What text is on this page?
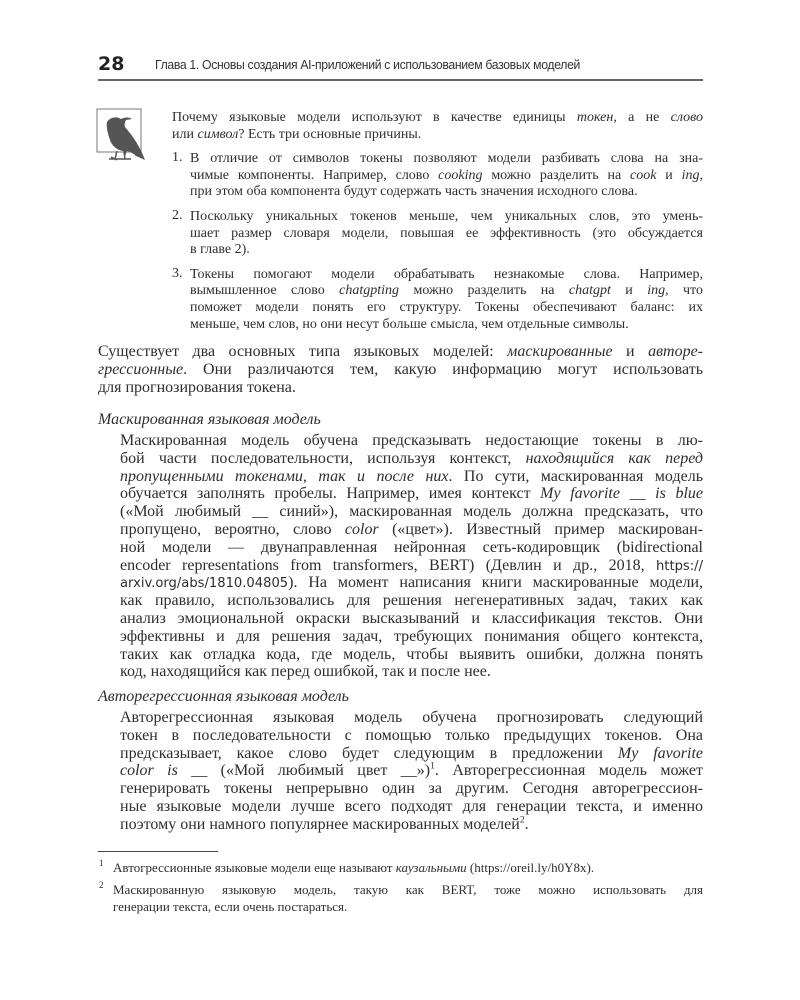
28 Глава 1. Основы создания AI-приложений с использованием базовых моделей
Почему языковые модели используют в качестве единицы токен, а не слово
или символ? Есть три основные причины.
1. В отличие от символов токены позволяют модели разбивать слова на зна-
чимые компоненты. Например, слово cooking можно разделить на cook и ing,
при этом оба компонента будут содержать часть значения исходного слова.
2. Поскольку уникальных токенов меньше, чем уникальных слов, это умень-
шает размер словаря модели, повышая ее эффективность (это обсуждается
в главе 2).
3. Токены помогают модели обрабатывать незнакомые слова. Например,
вымышленное слово chatgpting можно разделить на chatgpt и ing, что
поможет модели понять его структуру. Токены обеспечивают баланс: их
меньше, чем слов, но они несут больше смысла, чем отдельные символы.
Существует два основных типа языковых моделей: маскированные и авторе-
грессионные. Они различаются тем, какую информацию могут использовать
для прогнозирования токена.
Маскированная языковая модель
Маскированная модель обучена предсказывать недостающие токены в лю-
бой части последовательности, используя контекст, находящийся как перед
пропущенными токенами, так и после них. По сути, маскированная модель
обучается заполнять пробелы. Например, имея контекст My favorite __ is blue
(«Мой любимый __ синий»), маскированная модель должна предсказать, что
пропущено, вероятно, слово color («цвет»). Известный пример маскирован-
ной модели — двунаправленная нейронная сеть-кодировщик (bidirectional
encoder representations from transformers, BERT) (Девлин и др., 2018, https://
arxiv.org/abs/1810.04805). На момент написания книги маскированные модели,
как правило, использовались для решения негенеративных задач, таких как
анализ эмоциональной окраски высказываний и классификация текстов. Они
эффективны и для решения задач, требующих понимания общего контекста,
таких как отладка кода, где модель, чтобы выявить ошибки, должна понять
код, находящийся как перед ошибкой, так и после нее.
Авторегрессионная языковая модель
Авторегрессионная языковая модель обучена прогнозировать следующий
токен в последовательности с помощью только предыдущих токенов. Она
предсказывает, какое слово будет следующим в предложении My favorite
color is __ («Мой любимый цвет __»)$^1$. Авторегрессионная модель может
генерировать токены непрерывно один за другим. Сегодня авторегрессион-
ные языковые модели лучше всего подходят для генерации текста, и именно
поэтому они намного популярнее маскированных моделей$^2$.
1 Автогрессионные языковые модели еще называют каузальными (https://oreil.ly/h0Y8x).
2 Маскированную языковую модель, такую как BERT, тоже можно использовать для
генерации текста, если очень постараться.
